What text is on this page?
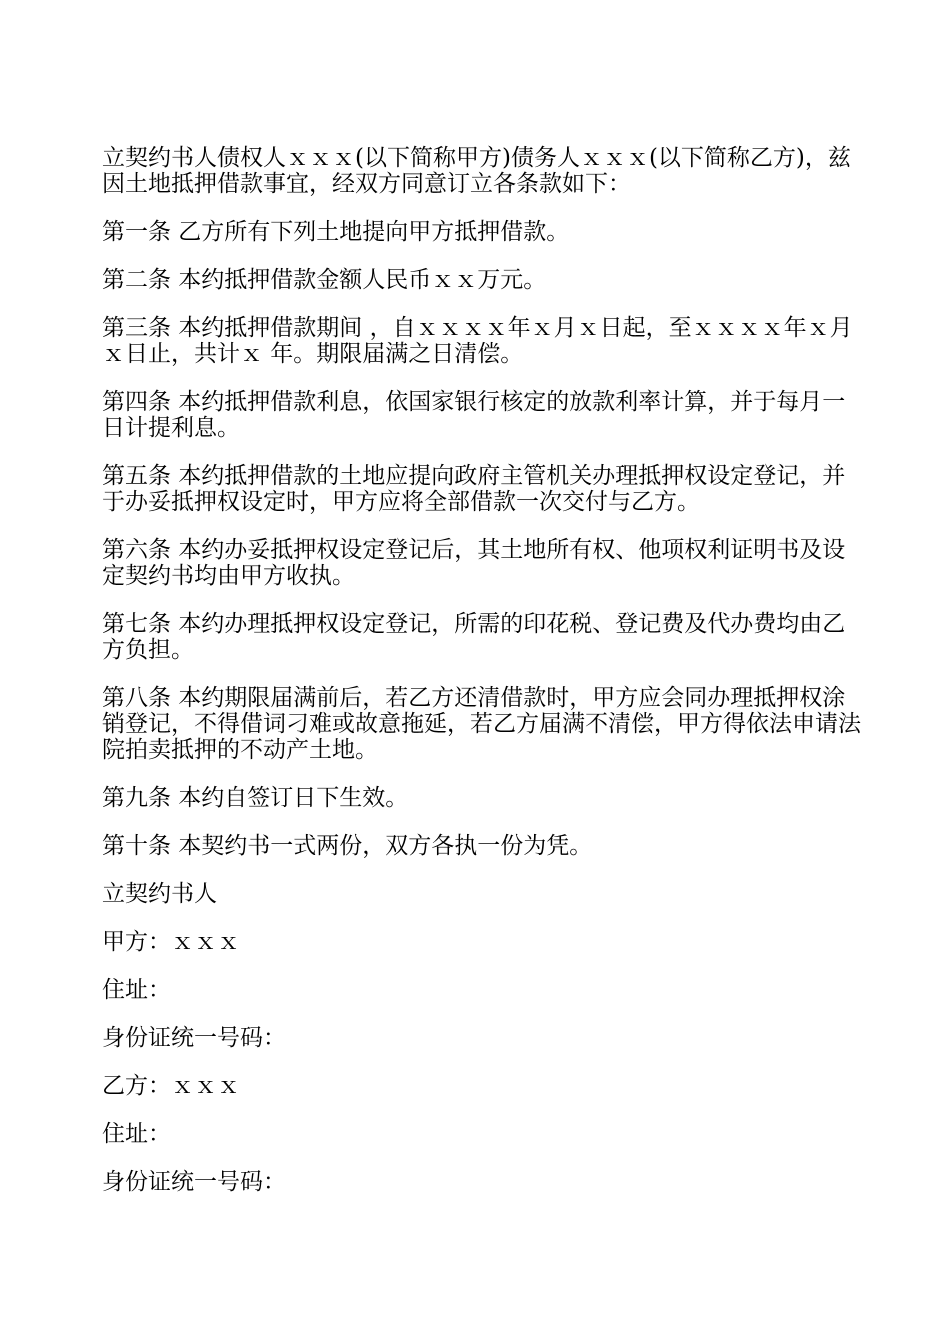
立契约书人债权人ｘｘｘ(以下简称甲方)债务人ｘｘｘ(以下简称乙方)，兹因土地抵押借款事宜，经双方同意订立各条款如下：

第一条 乙方所有下列土地提向甲方抵押借款。

第二条 本约抵押借款金额人民币ｘｘ万元。

第三条 本约抵押借款期间 ，自ｘｘｘｘ年ｘ月ｘ日起，至ｘｘｘｘ年ｘ月ｘ日止，共计ｘ 年。期限届满之日清偿。

第四条 本约抵押借款利息，依国家银行核定的放款利率计算，并于每月一日计提利息。

第五条 本约抵押借款的土地应提向政府主管机关办理抵押权设定登记，并于办妥抵押权设定时，甲方应将全部借款一次交付与乙方。

第六条 本约办妥抵押权设定登记后，其土地所有权、他项权利证明书及设定契约书均由甲方收执。

第七条 本约办理抵押权设定登记，所需的印花税、登记费及代办费均由乙方负担。

第八条 本约期限届满前后，若乙方还清借款时，甲方应会同办理抵押权涂销登记，不得借词刁难或故意拖延，若乙方届满不清偿，甲方得依法申请法院拍卖抵押的不动产土地。

第九条 本约自签订日下生效。

第十条 本契约书一式两份，双方各执一份为凭。

立契约书人

甲方：ｘｘｘ

住址：

身份证统一号码：

乙方：ｘｘｘ

住址：

身份证统一号码：
